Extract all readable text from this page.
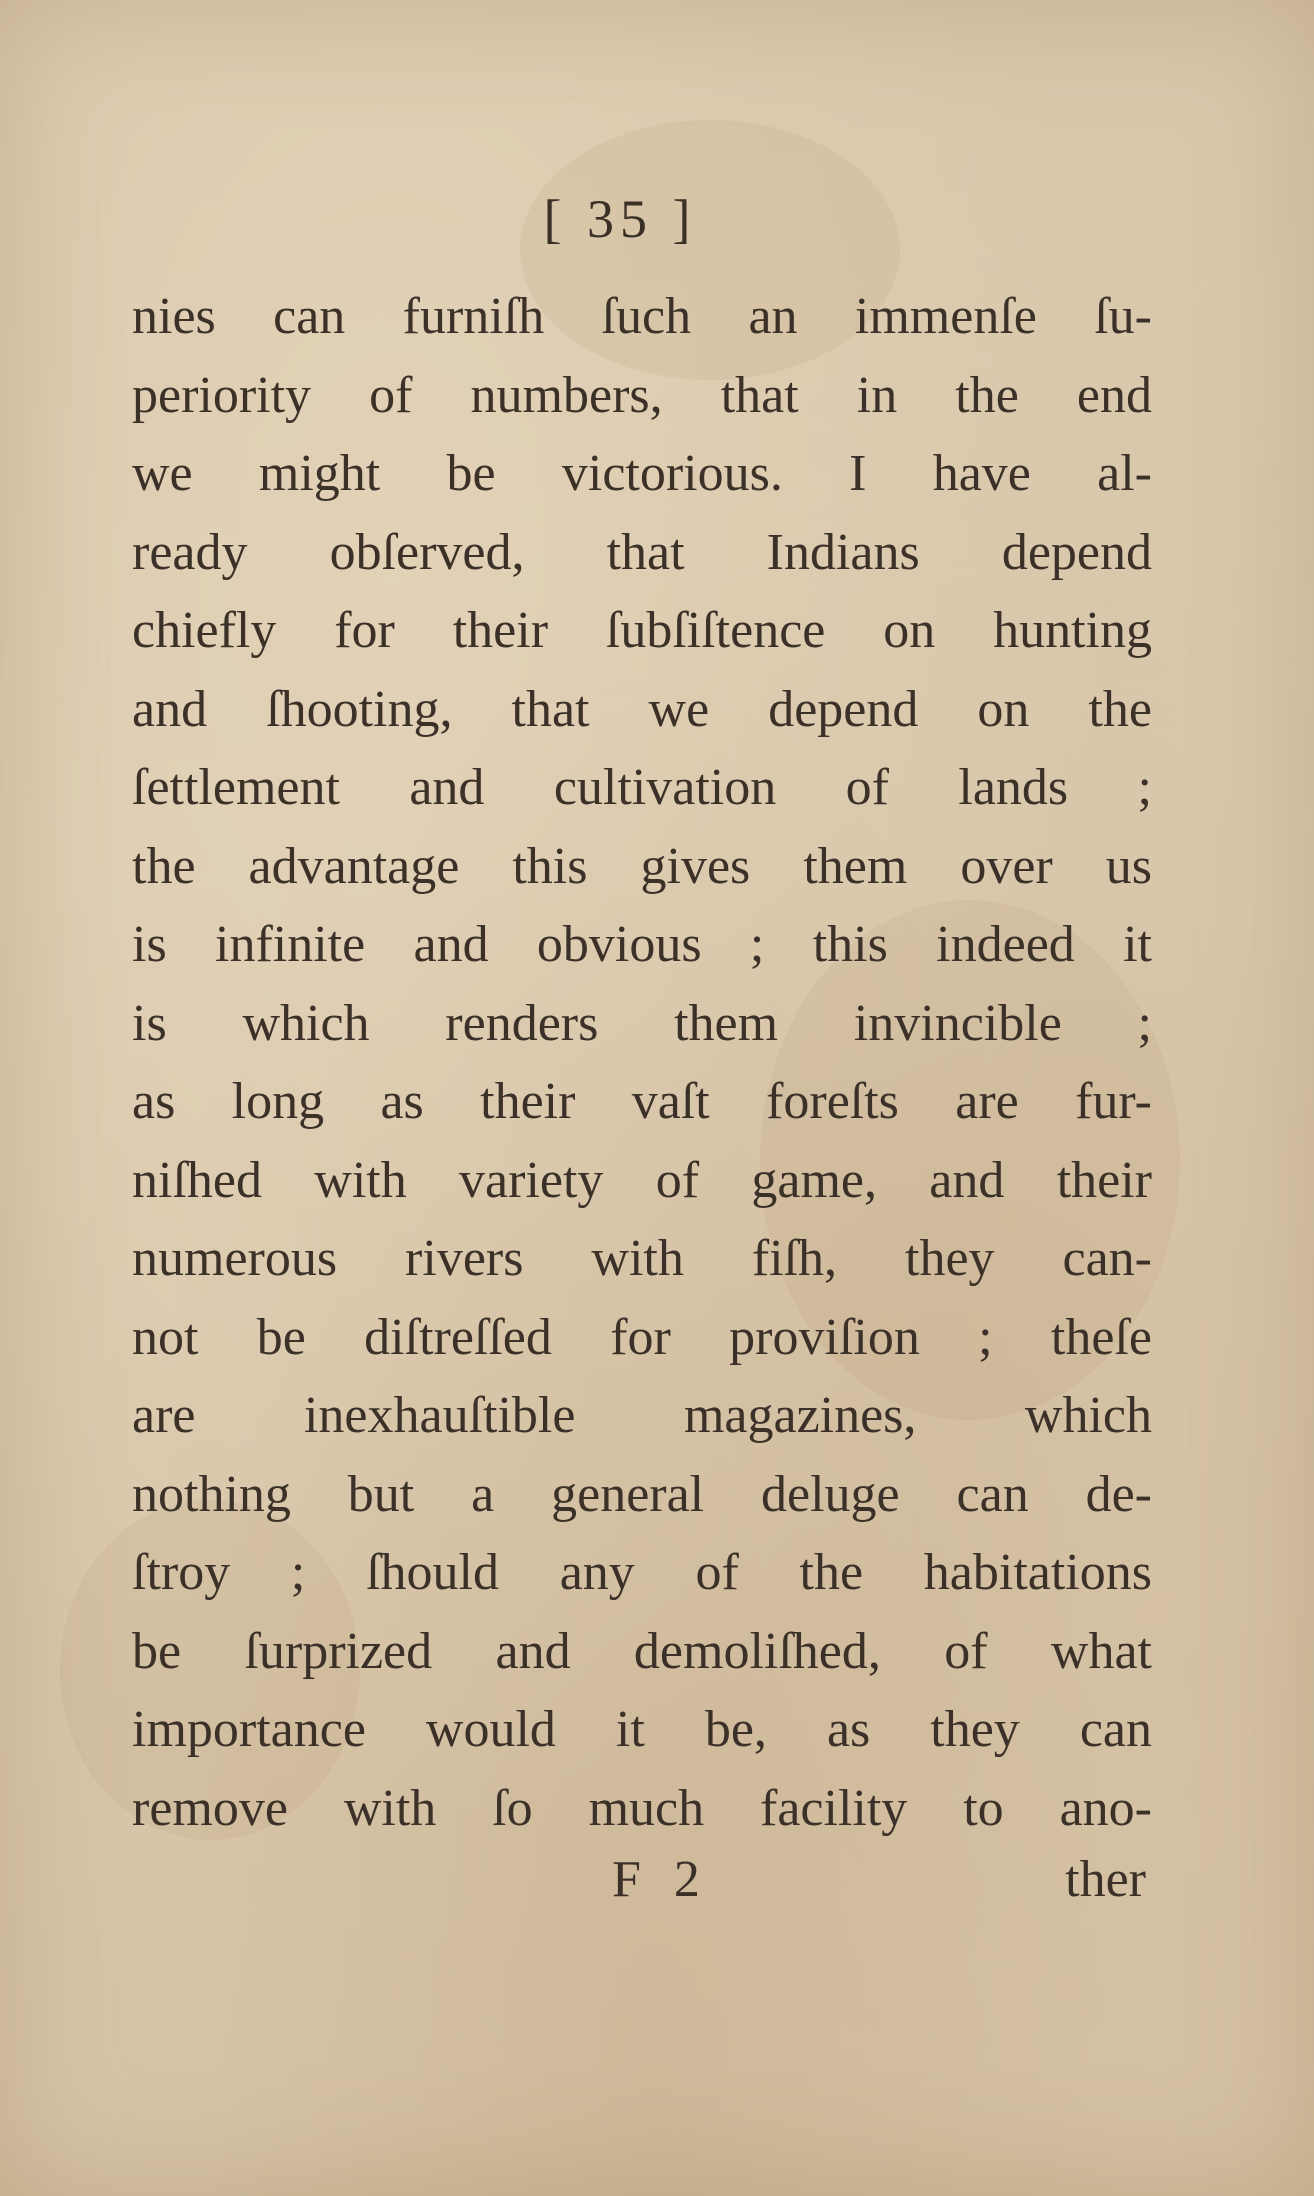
[ 35 ]
nies can furniſh ſuch an immenſe ſu-
periority of numbers, that in the end
we might be victorious. I have al-
ready obſerved, that Indians depend
chiefly for their ſubſiſtence on hunting
and ſhooting, that we depend on the
ſettlement and cultivation of lands ;
the advantage this gives them over us
is infinite and obvious ; this indeed it
is which renders them invincible ;
as long as their vaſt foreſts are fur-
niſhed with variety of game, and their
numerous rivers with fiſh, they can-
not be diſtreſſed for proviſion ; theſe
are inexhauſtible magazines, which
nothing but a general deluge can de-
ſtroy ; ſhould any of the habitations
be ſurprized and demoliſhed, of what
importance would it be, as they can
remove with ſo much facility to ano-
F 2	ther
